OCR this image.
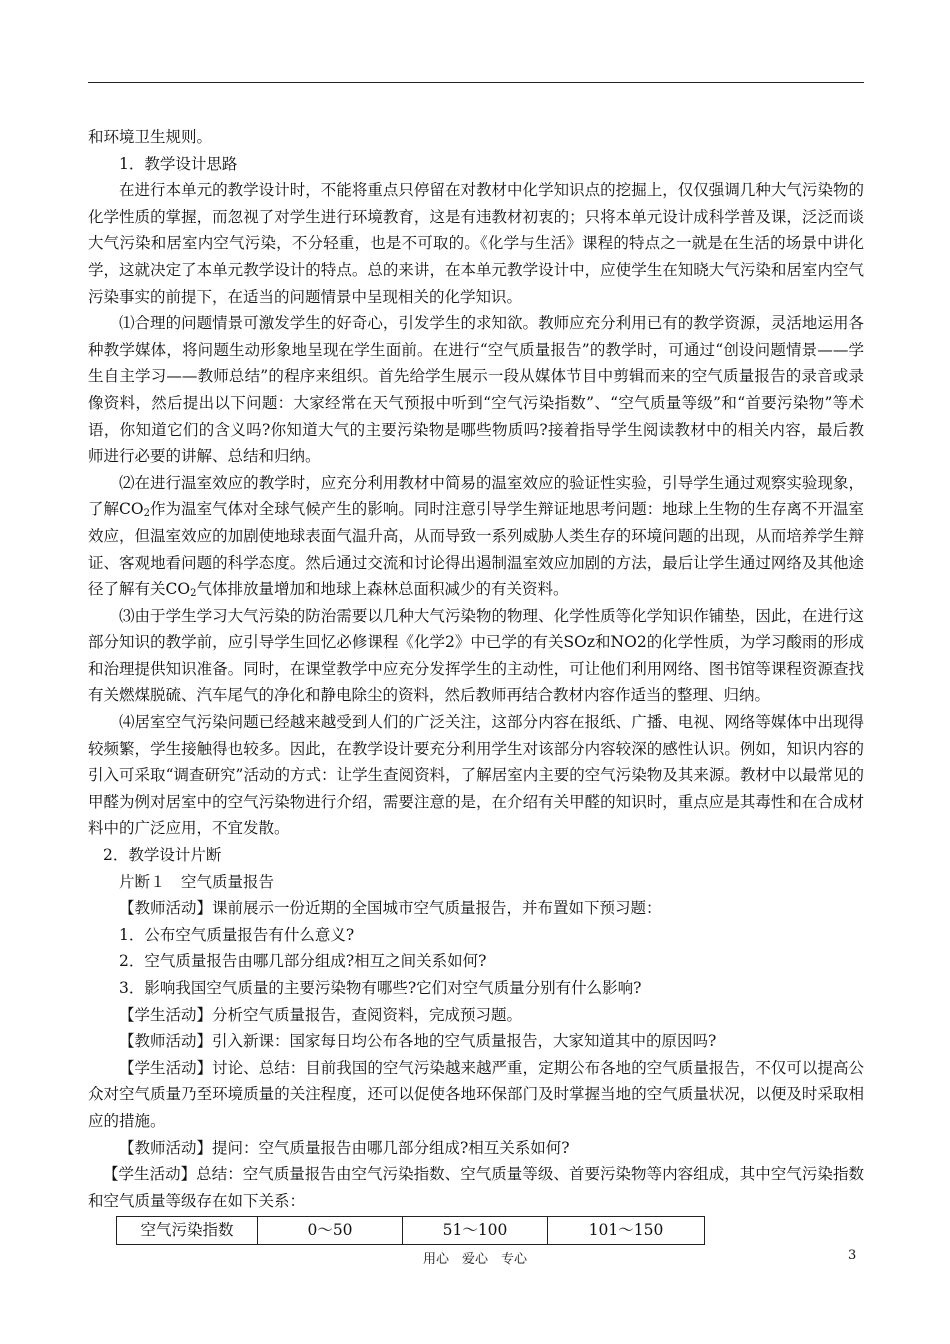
和环境卫生规则。

1．教学设计思路

在进行本单元的教学设计时，不能将重点只停留在对教材中化学知识点的挖掘上，仅仅强调几种大气污染物的化学性质的掌握，而忽视了对学生进行环境教育，这是有违教材初衷的；只将本单元设计成科学普及课，泛泛而谈大气污染和居室内空气污染，不分轻重，也是不可取的。《化学与生活》课程的特点之一就是在生活的场景中讲化学，这就决定了本单元教学设计的特点。总的来讲，在本单元教学设计中，应使学生在知晓大气污染和居室内空气污染事实的前提下，在适当的问题情景中呈现相关的化学知识。

⑴合理的问题情景可激发学生的好奇心，引发学生的求知欲。教师应充分利用已有的教学资源，灵活地运用各种教学媒体，将问题生动形象地呈现在学生面前。在进行“空气质量报告”的教学时，可通过“创设问题情景——学生自主学习——教师总结”的程序来组织。首先给学生展示一段从媒体节目中剪辑而来的空气质量报告的录音或录像资料，然后提出以下问题：大家经常在天气预报中听到“空气污染指数”、“空气质量等级”和“首要污染物”等术语，你知道它们的含义吗?你知道大气的主要污染物是哪些物质吗?接着指导学生阅读教材中的相关内容，最后教师进行必要的讲解、总结和归纳。

⑵在进行温室效应的教学时，应充分利用教材中简易的温室效应的验证性实验，引导学生通过观察实验现象，了解$CO_2$作为温室气体对全球气候产生的影响。同时注意引导学生辩证地思考问题：地球上生物的生存离不开温室效应，但温室效应的加剧使地球表面气温升高，从而导致一系列威胁人类生存的环境问题的出现，从而培养学生辩证、客观地看问题的科学态度。然后通过交流和讨论得出遏制温室效应加剧的方法，最后让学生通过网络及其他途径了解有关$CO_2$气体排放量增加和地球上森林总面积减少的有关资料。

⑶由于学生学习大气污染的防治需要以几种大气污染物的物理、化学性质等化学知识作铺垫，因此，在进行这部分知识的教学前，应引导学生回忆必修课程《化学2》中已学的有关SOz和NO2的化学性质，为学习酸雨的形成和治理提供知识准备。同时，在课堂教学中应充分发挥学生的主动性，可让他们利用网络、图书馆等课程资源查找有关燃煤脱硫、汽车尾气的净化和静电除尘的资料，然后教师再结合教材内容作适当的整理、归纳。

⑷居室空气污染问题已经越来越受到人们的广泛关注，这部分内容在报纸、广播、电视、网络等媒体中出现得较频繁，学生接触得也较多。因此，在教学设计要充分利用学生对该部分内容较深的感性认识。例如，知识内容的引入可采取“调查研究”活动的方式：让学生查阅资料，了解居室内主要的空气污染物及其来源。教材中以最常见的甲醛为例对居室中的空气污染物进行介绍，需要注意的是，在介绍有关甲醛的知识时，重点应是其毒性和在合成材料中的广泛应用，不宜发散。

2．教学设计片断

片断１　空气质量报告

【教师活动】课前展示一份近期的全国城市空气质量报告，并布置如下预习题：

1．公布空气质量报告有什么意义?

2．空气质量报告由哪几部分组成?相互之间关系如何?

3．影响我国空气质量的主要污染物有哪些?它们对空气质量分别有什么影响?

【学生活动】分析空气质量报告，查阅资料，完成预习题。

【教师活动】引入新课：国家每日均公布各地的空气质量报告，大家知道其中的原因吗?

【学生活动】讨论、总结：目前我国的空气污染越来越严重，定期公布各地的空气质量报告，不仅可以提高公众对空气质量乃至环境质量的关注程度，还可以促使各地环保部门及时掌握当地的空气质量状况，以便及时采取相应的措施。

【教师活动】提问：空气质量报告由哪几部分组成?相互关系如何?

【学生活动】总结：空气质量报告由空气污染指数、空气质量等级、首要污染物等内容组成，其中空气污染指数和空气质量等级存在如下关系：

空气污染指数	0～50	51～100	101～150
用心　爱心　专心	3
